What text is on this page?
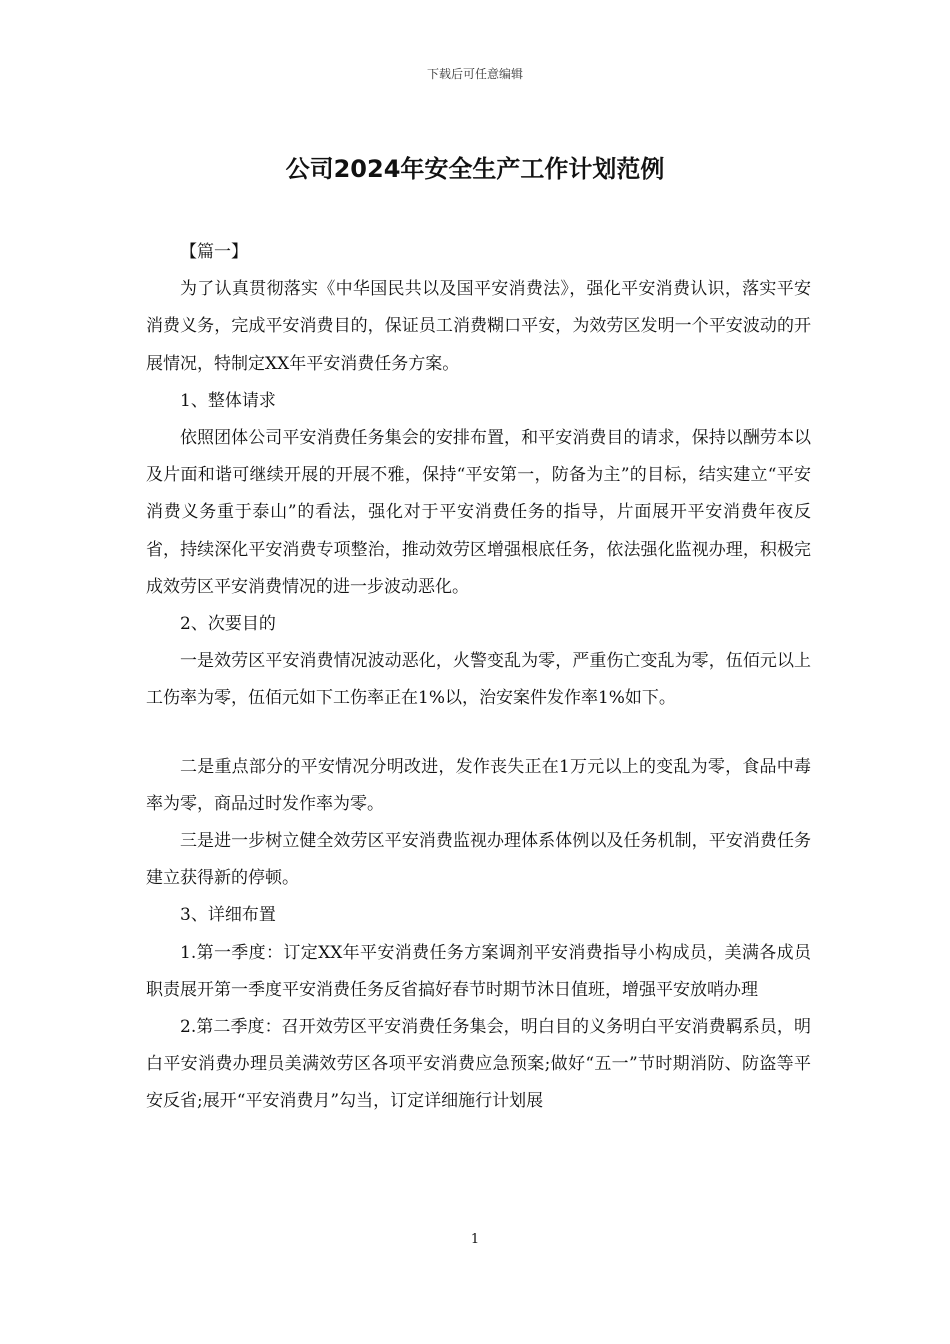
下载后可任意编辑
公司2024年安全生产工作计划范例

【篇一】

为了认真贯彻落实《中华国民共以及国平安消费法》，强化平安消费认识，落实平安消费义务，完成平安消费目的，保证员工消费糊口平安，为效劳区发明一个平安波动的开展情况，特制定XX年平安消费任务方案。

1、整体请求

依照团体公司平安消费任务集会的安排布置，和平安消费目的请求，保持以酬劳本以及片面和谐可继续开展的开展不雅，保持“平安第一，防备为主”的目标，结实建立“平安消费义务重于泰山”的看法，强化对于平安消费任务的指导，片面展开平安消费年夜反省，持续深化平安消费专项整治，推动效劳区增强根底任务，依法强化监视办理，积极完成效劳区平安消费情况的进一步波动恶化。

2、次要目的

一是效劳区平安消费情况波动恶化，火警变乱为零，严重伤亡变乱为零，伍佰元以上工伤率为零，伍佰元如下工伤率正在1%以，治安案件发作率1%如下。

二是重点部分的平安情况分明改进，发作丧失正在1万元以上的变乱为零，食品中毒率为零，商品过时发作率为零。

三是进一步树立健全效劳区平安消费监视办理体系体例以及任务机制，平安消费任务建立获得新的停顿。

3、详细布置

1.第一季度：订定XX年平安消费任务方案调剂平安消费指导小构成员，美满各成员职责展开第一季度平安消费任务反省搞好春节时期节沐日值班，增强平安放哨办理

2.第二季度：召开效劳区平安消费任务集会，明白目的义务明白平安消费羁系员，明白平安消费办理员美满效劳区各项平安消费应急预案;做好“五一”节时期消防、防盗等平安反省;展开“平安消费月”勾当，订定详细施行计划展

1
